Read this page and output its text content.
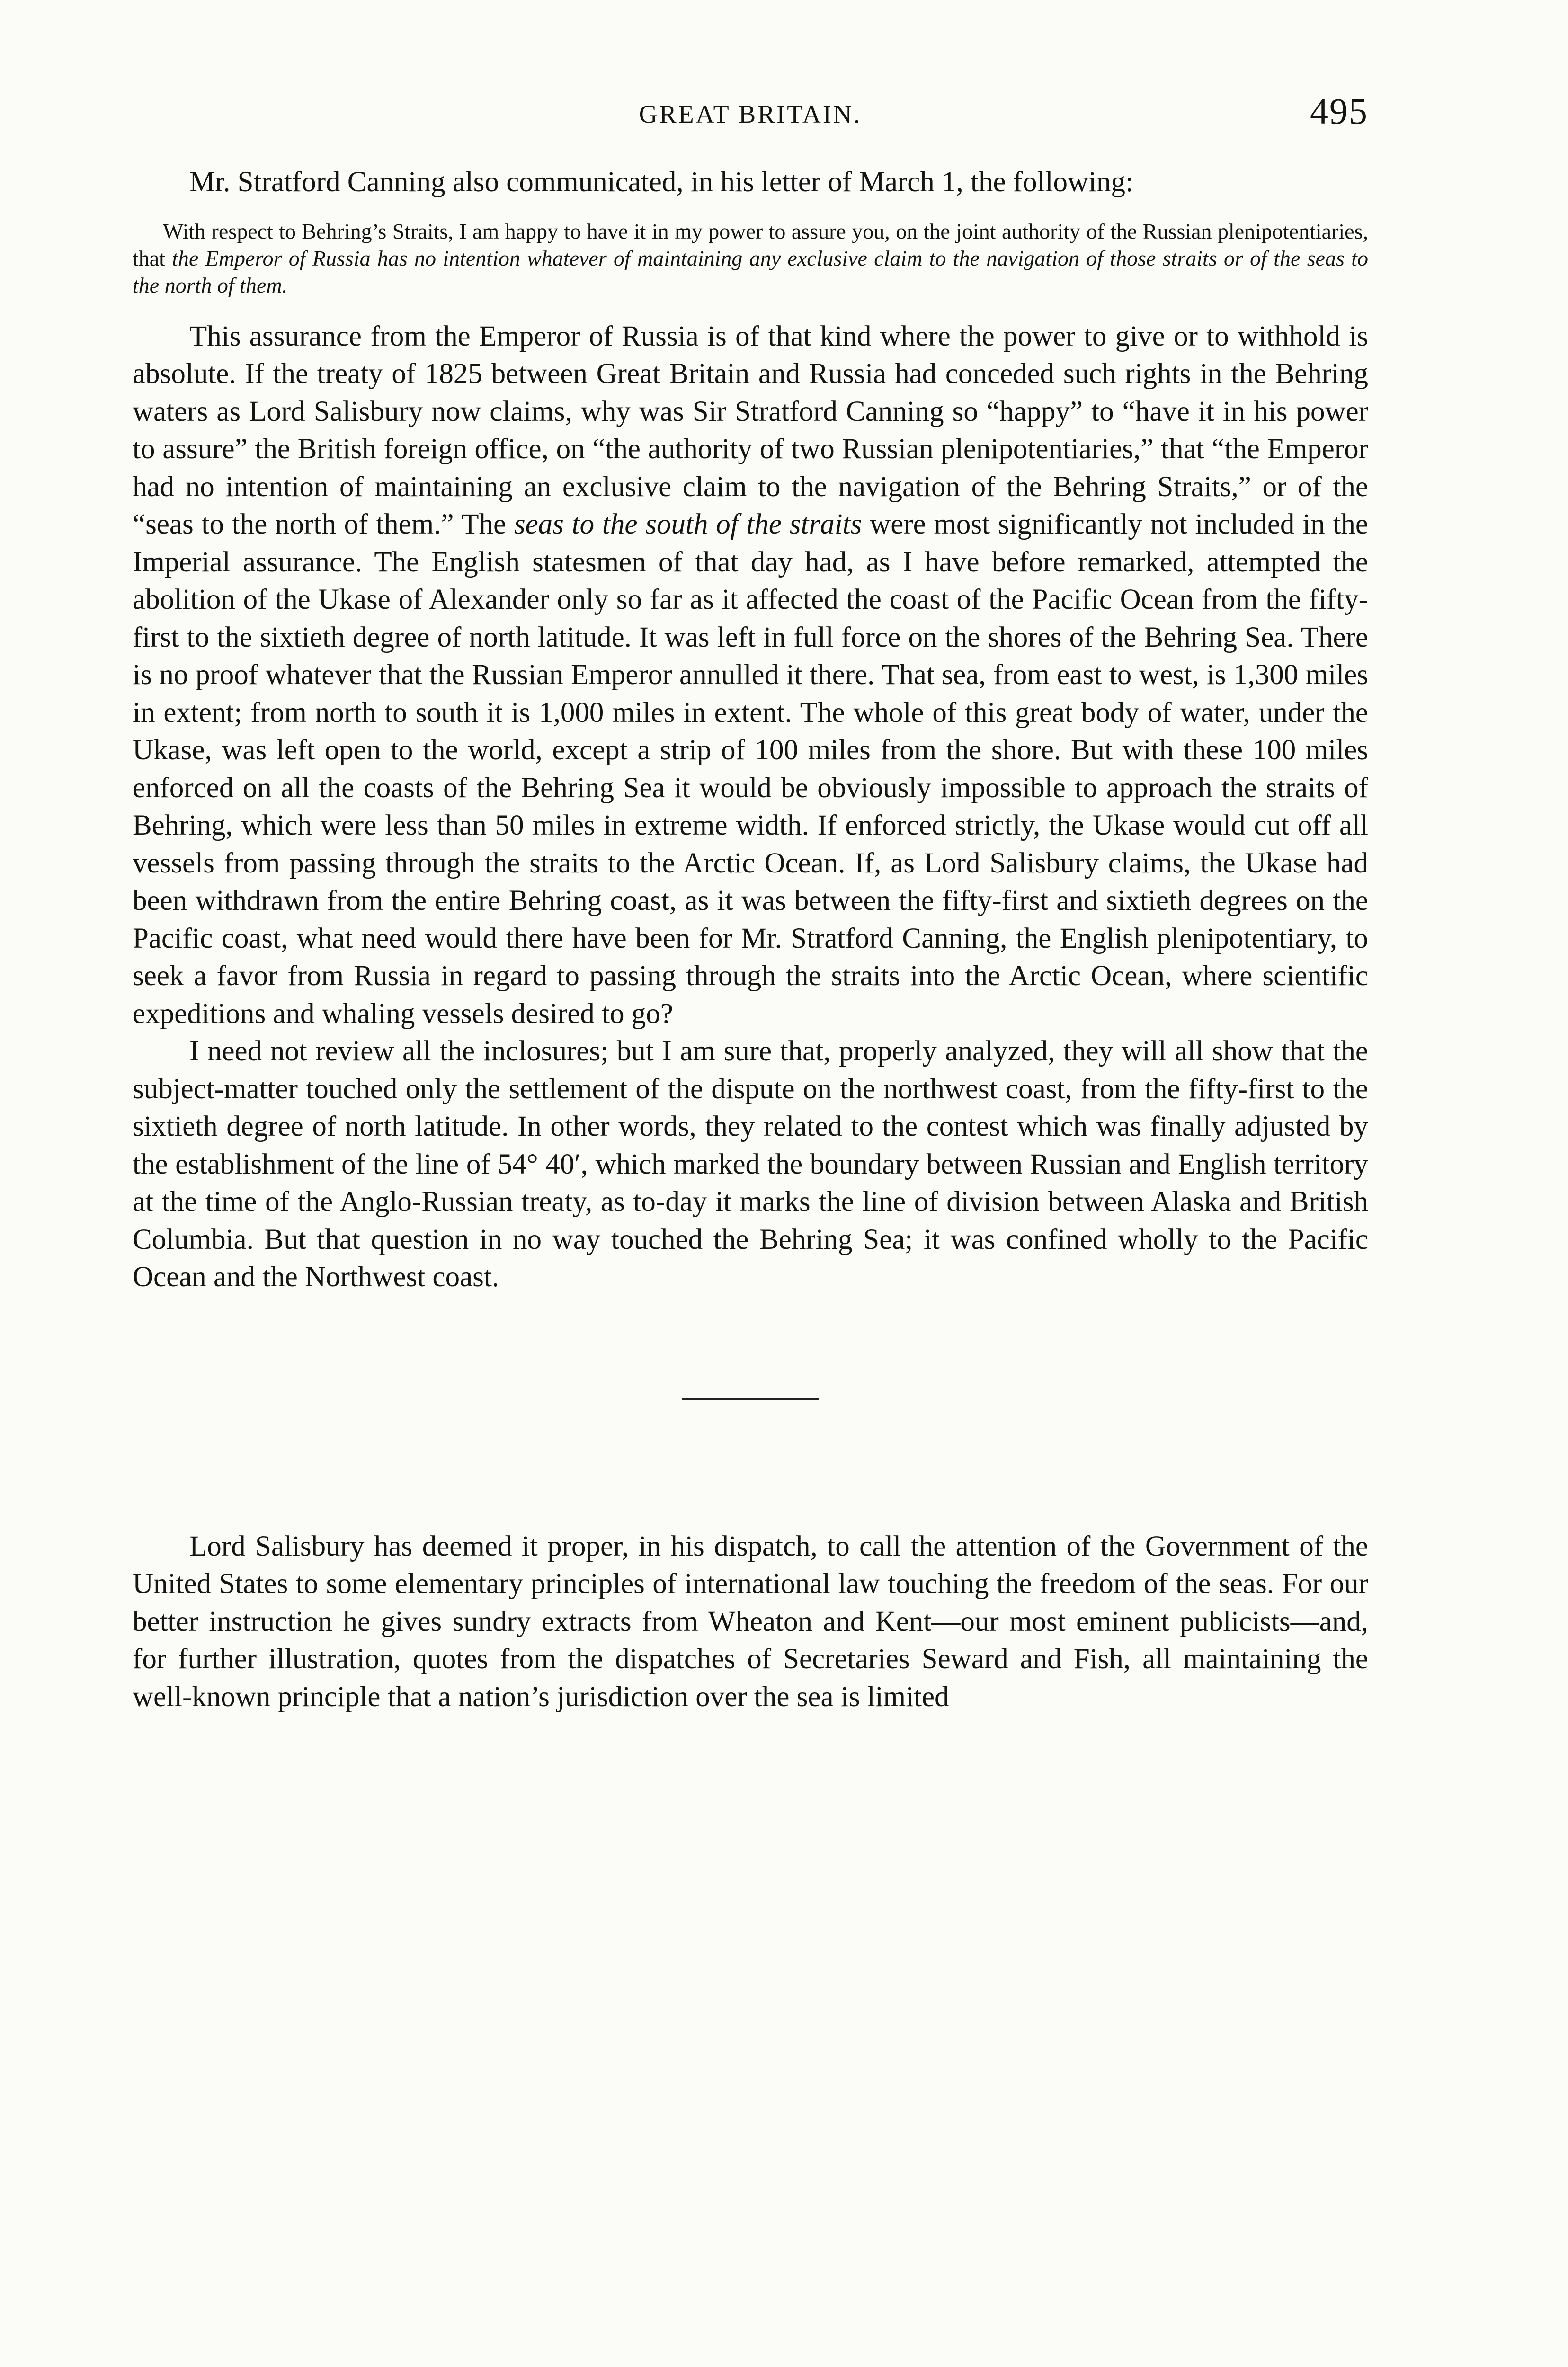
GREAT BRITAIN.	495

Mr. Stratford Canning also communicated, in his letter of March 1, the following:

With respect to Behring’s Straits, I am happy to have it in my power to assure you, on the joint authority of the Russian plenipotentiaries, that the Emperor of Russia has no intention whatever of maintaining any exclusive claim to the navigation of those straits or of the seas to the north of them.

This assurance from the Emperor of Russia is of that kind where the power to give or to withhold is absolute. If the treaty of 1825 between Great Britain and Russia had conceded such rights in the Behring waters as Lord Salisbury now claims, why was Sir Stratford Canning so “happy” to “have it in his power to assure” the British foreign office, on “the authority of two Russian plenipotentiaries,” that “the Emperor had no intention of maintaining an exclusive claim to the navigation of the Behring Straits,” or of the “seas to the north of them.” The seas to the south of the straits were most significantly not included in the Imperial assurance. The English statesmen of that day had, as I have before remarked, attempted the abolition of the Ukase of Alexander only so far as it affected the coast of the Pacific Ocean from the fifty-first to the sixtieth degree of north latitude. It was left in full force on the shores of the Behring Sea. There is no proof whatever that the Russian Emperor annulled it there. That sea, from east to west, is 1,300 miles in extent; from north to south it is 1,000 miles in extent. The whole of this great body of water, under the Ukase, was left open to the world, except a strip of 100 miles from the shore. But with these 100 miles enforced on all the coasts of the Behring Sea it would be obviously impossible to approach the straits of Behring, which were less than 50 miles in extreme width. If enforced strictly, the Ukase would cut off all vessels from passing through the straits to the Arctic Ocean. If, as Lord Salisbury claims, the Ukase had been withdrawn from the entire Behring coast, as it was between the fifty-first and sixtieth degrees on the Pacific coast, what need would there have been for Mr. Stratford Canning, the English plenipotentiary, to seek a favor from Russia in regard to passing through the straits into the Arctic Ocean, where scientific expeditions and whaling vessels desired to go?

I need not review all the inclosures; but I am sure that, properly analyzed, they will all show that the subject-matter touched only the settlement of the dispute on the northwest coast, from the fifty-first to the sixtieth degree of north latitude. In other words, they related to the contest which was finally adjusted by the establishment of the line of 54° 40′, which marked the boundary between Russian and English territory at the time of the Anglo-Russian treaty, as to-day it marks the line of division between Alaska and British Columbia. But that question in no way touched the Behring Sea; it was confined wholly to the Pacific Ocean and the Northwest coast.

Lord Salisbury has deemed it proper, in his dispatch, to call the attention of the Government of the United States to some elementary principles of international law touching the freedom of the seas. For our better instruction he gives sundry extracts from Wheaton and Kent—our most eminent publicists—and, for further illustration, quotes from the dispatches of Secretaries Seward and Fish, all maintaining the well-known principle that a nation’s jurisdiction over the sea is limited
